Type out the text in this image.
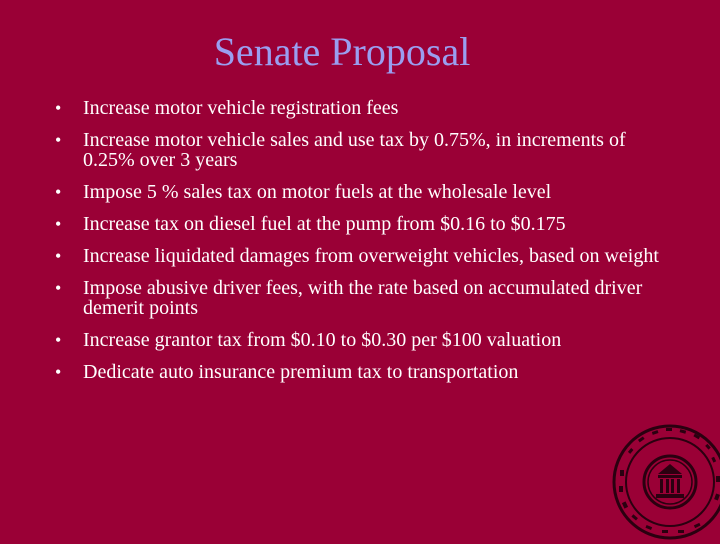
Senate Proposal
• Increase motor vehicle registration fees
• Increase motor vehicle sales and use tax by 0.75%, in increments of 0.25% over 3 years
• Impose 5 % sales tax on motor fuels at the wholesale level
• Increase tax on diesel fuel at the pump from $0.16 to $0.175
• Increase liquidated damages from overweight vehicles, based on weight
• Impose abusive driver fees, with the rate based on accumulated driver demerit points
• Increase grantor tax from $0.10 to $0.30 per $100 valuation
• Dedicate auto insurance premium tax to transportation
